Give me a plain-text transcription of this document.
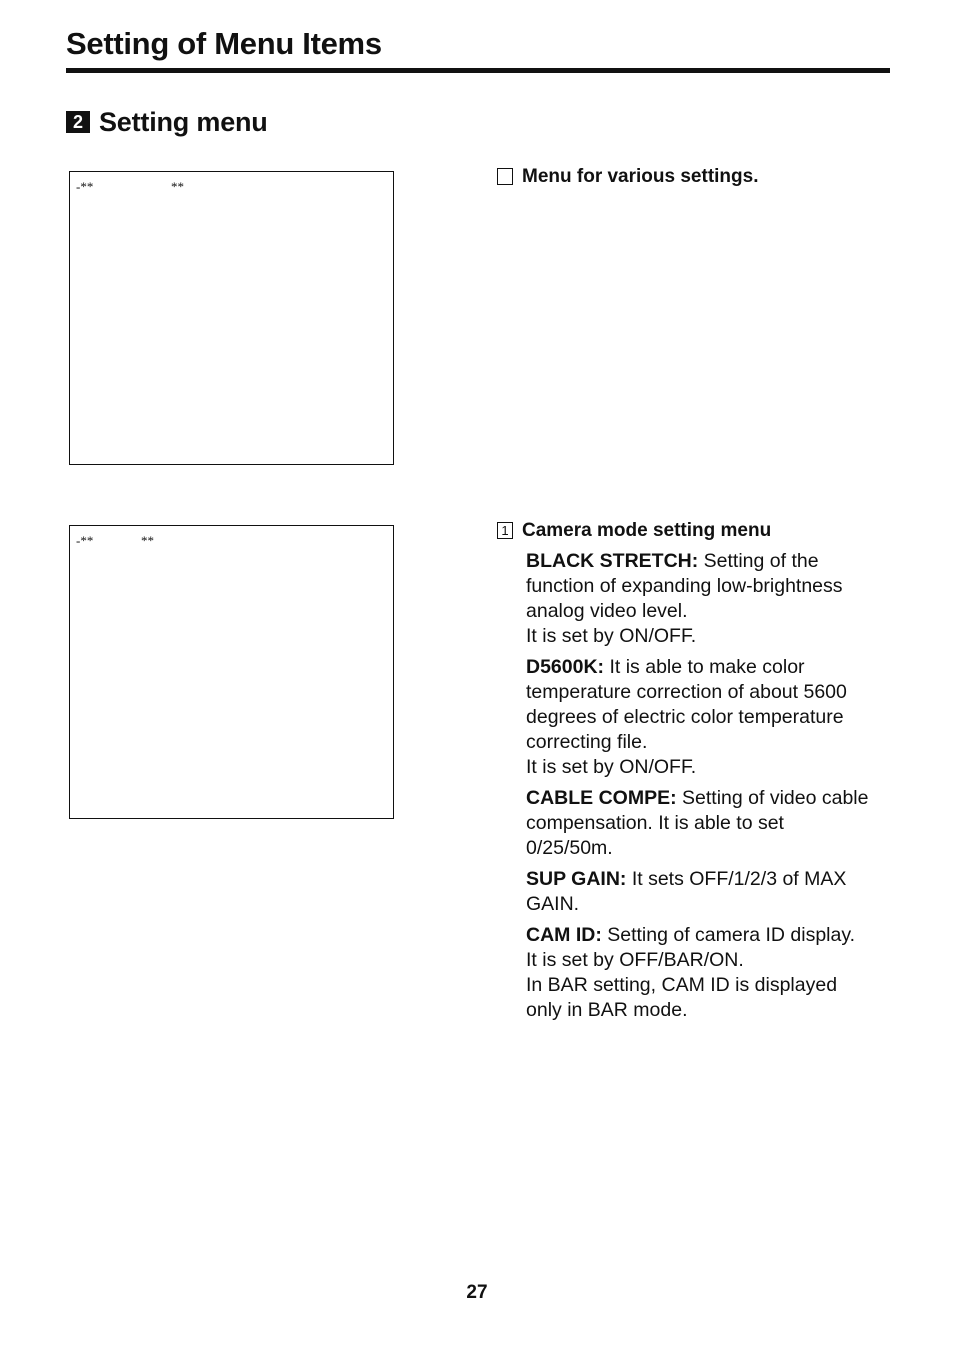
Setting of Menu Items
2 Setting menu
-**	**
-**	**
Menu for various settings.
1 Camera mode setting menu
BLACK STRETCH: Setting of the
function of expanding low-brightness
analog video level.
It is set by ON/OFF.
D5600K: It is able to make color
temperature correction of about 5600
degrees of electric color temperature
correcting file.
It is set by ON/OFF.
CABLE COMPE: Setting of video cable
compensation. It is able to set
0/25/50m.
SUP GAIN: It sets OFF/1/2/3 of MAX
GAIN.
CAM ID: Setting of camera ID display.
It is set by OFF/BAR/ON.
In BAR setting, CAM ID is displayed
only in BAR mode.
27
